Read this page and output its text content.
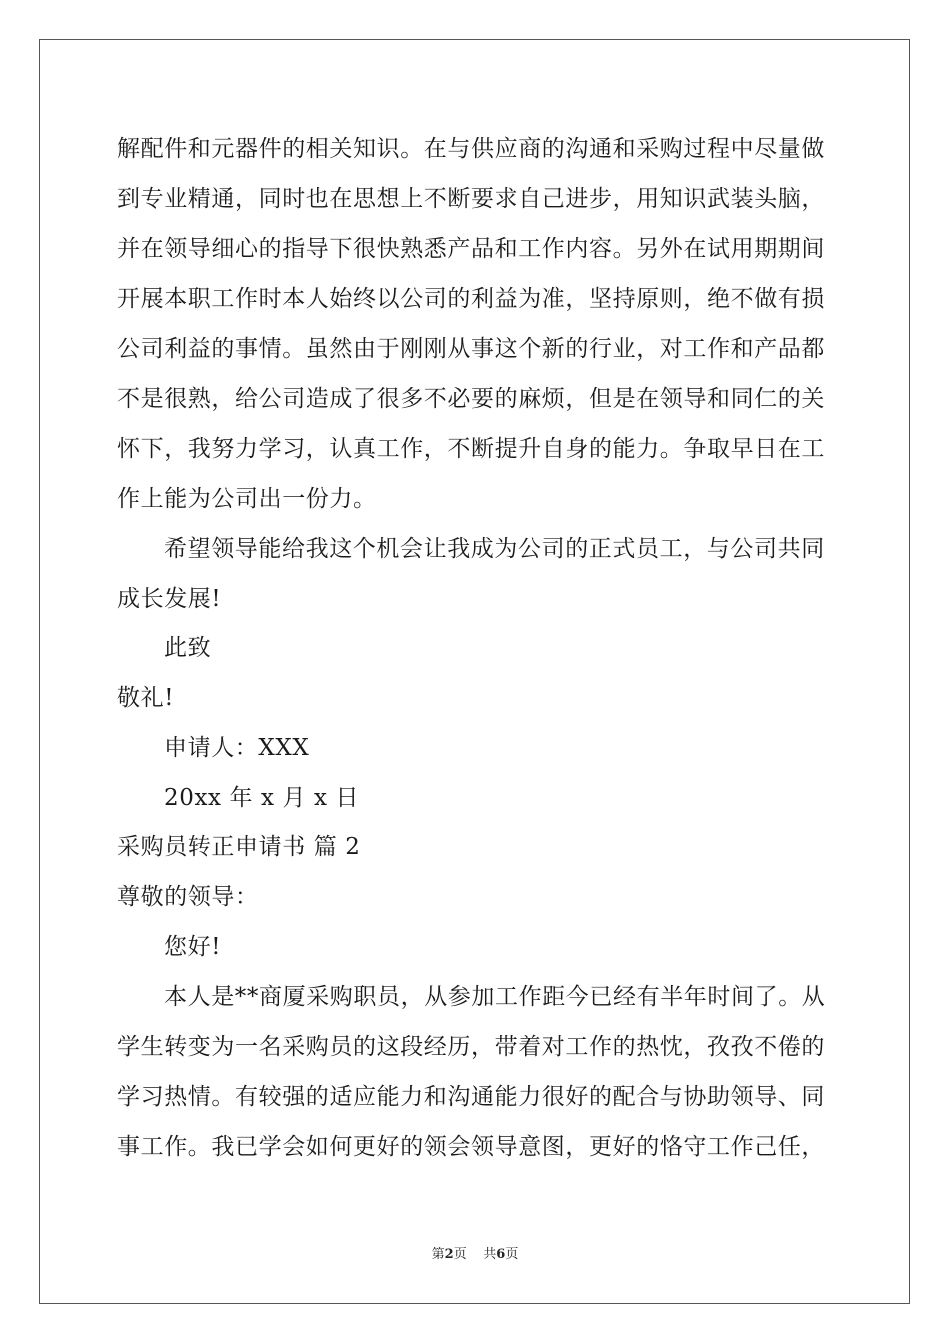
解配件和元器件的相关知识。在与供应商的沟通和采购过程中尽量做
到专业精通，同时也在思想上不断要求自己进步，用知识武装头脑，
并在领导细心的指导下很快熟悉产品和工作内容。另外在试用期期间
开展本职工作时本人始终以公司的利益为准，坚持原则，绝不做有损
公司利益的事情。虽然由于刚刚从事这个新的行业，对工作和产品都
不是很熟，给公司造成了很多不必要的麻烦，但是在领导和同仁的关
怀下，我努力学习，认真工作，不断提升自身的能力。争取早日在工
作上能为公司出一份力。
希望领导能给我这个机会让我成为公司的正式员工，与公司共同
成长发展!
此致
敬礼!
申请人：XXX
20xx 年 x 月 x 日
采购员转正申请书 篇 2
尊敬的领导：
您好!
本人是**商厦采购职员，从参加工作距今已经有半年时间了。从
学生转变为一名采购员的这段经历，带着对工作的热忱，孜孜不倦的
学习热情。有较强的适应能力和沟通能力很好的配合与协助领导、同
事工作。我已学会如何更好的领会领导意图，更好的恪守工作己任，
第2页 共6页
